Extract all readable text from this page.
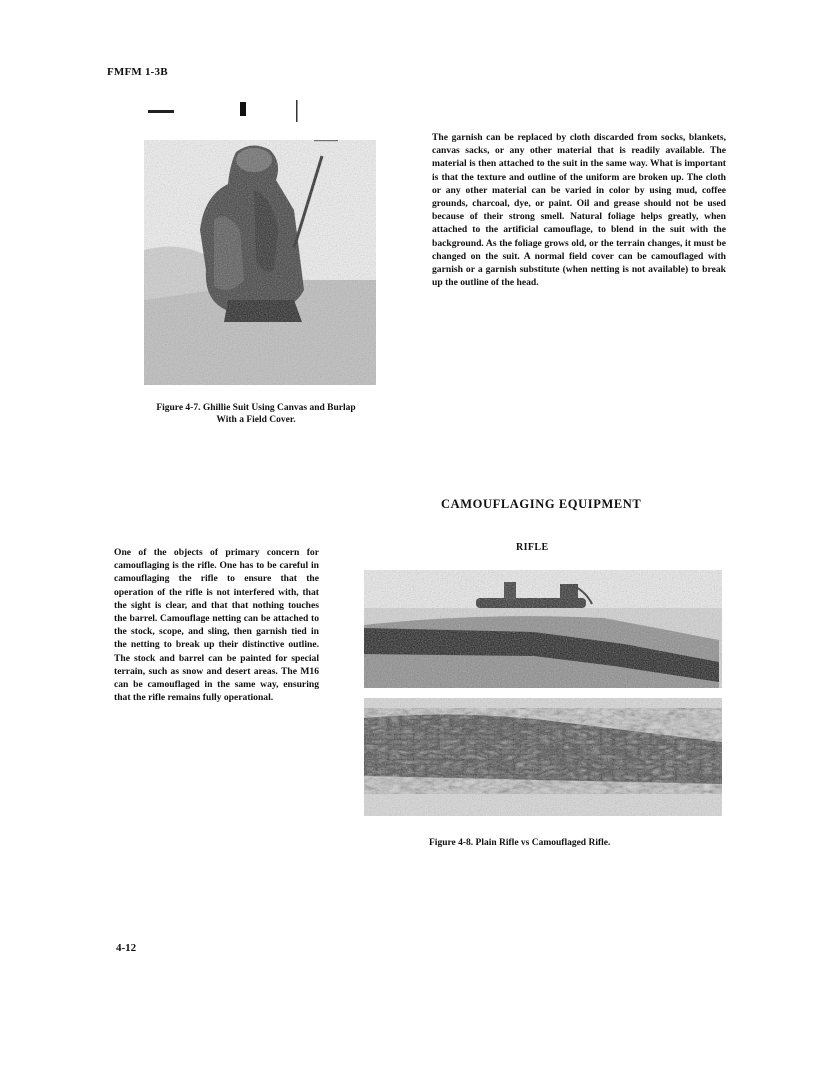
FMFM 1-3B
Figure 4-7. Ghillie Suit Using Canvas and Burlap
With a Field Cover.
The garnish can be replaced by cloth discarded from socks, blankets, canvas sacks, or any other material that is readily available. The material is then attached to the suit in the same way. What is important is that the texture and outline of the uniform are broken up. The cloth or any other material can be varied in color by using mud, coffee grounds, charcoal, dye, or paint. Oil and grease should not be used because of their strong smell. Natural foliage helps greatly, when attached to the artificial camouflage, to blend in the suit with the background. As the foliage grows old, or the terrain changes, it must be changed on the suit. A normal field cover can be camouflaged with garnish or a garnish substitute (when netting is not available) to break up the outline of the head.
CAMOUFLAGING EQUIPMENT
RIFLE
One of the objects of primary concern for camouflaging is the rifle. One has to be careful in camouflaging the rifle to ensure that the operation of the rifle is not interfered with, that the sight is clear, and that that nothing touches the barrel. Camouflage netting can be attached to the stock, scope, and sling, then garnish tied in the netting to break up their distinctive outline. The stock and barrel can be painted for special terrain, such as snow and desert areas. The M16 can be camouflaged in the same way, ensuring that the rifle remains fully operational.
Figure 4-8. Plain Rifle vs Camouflaged Rifle.
4-12
